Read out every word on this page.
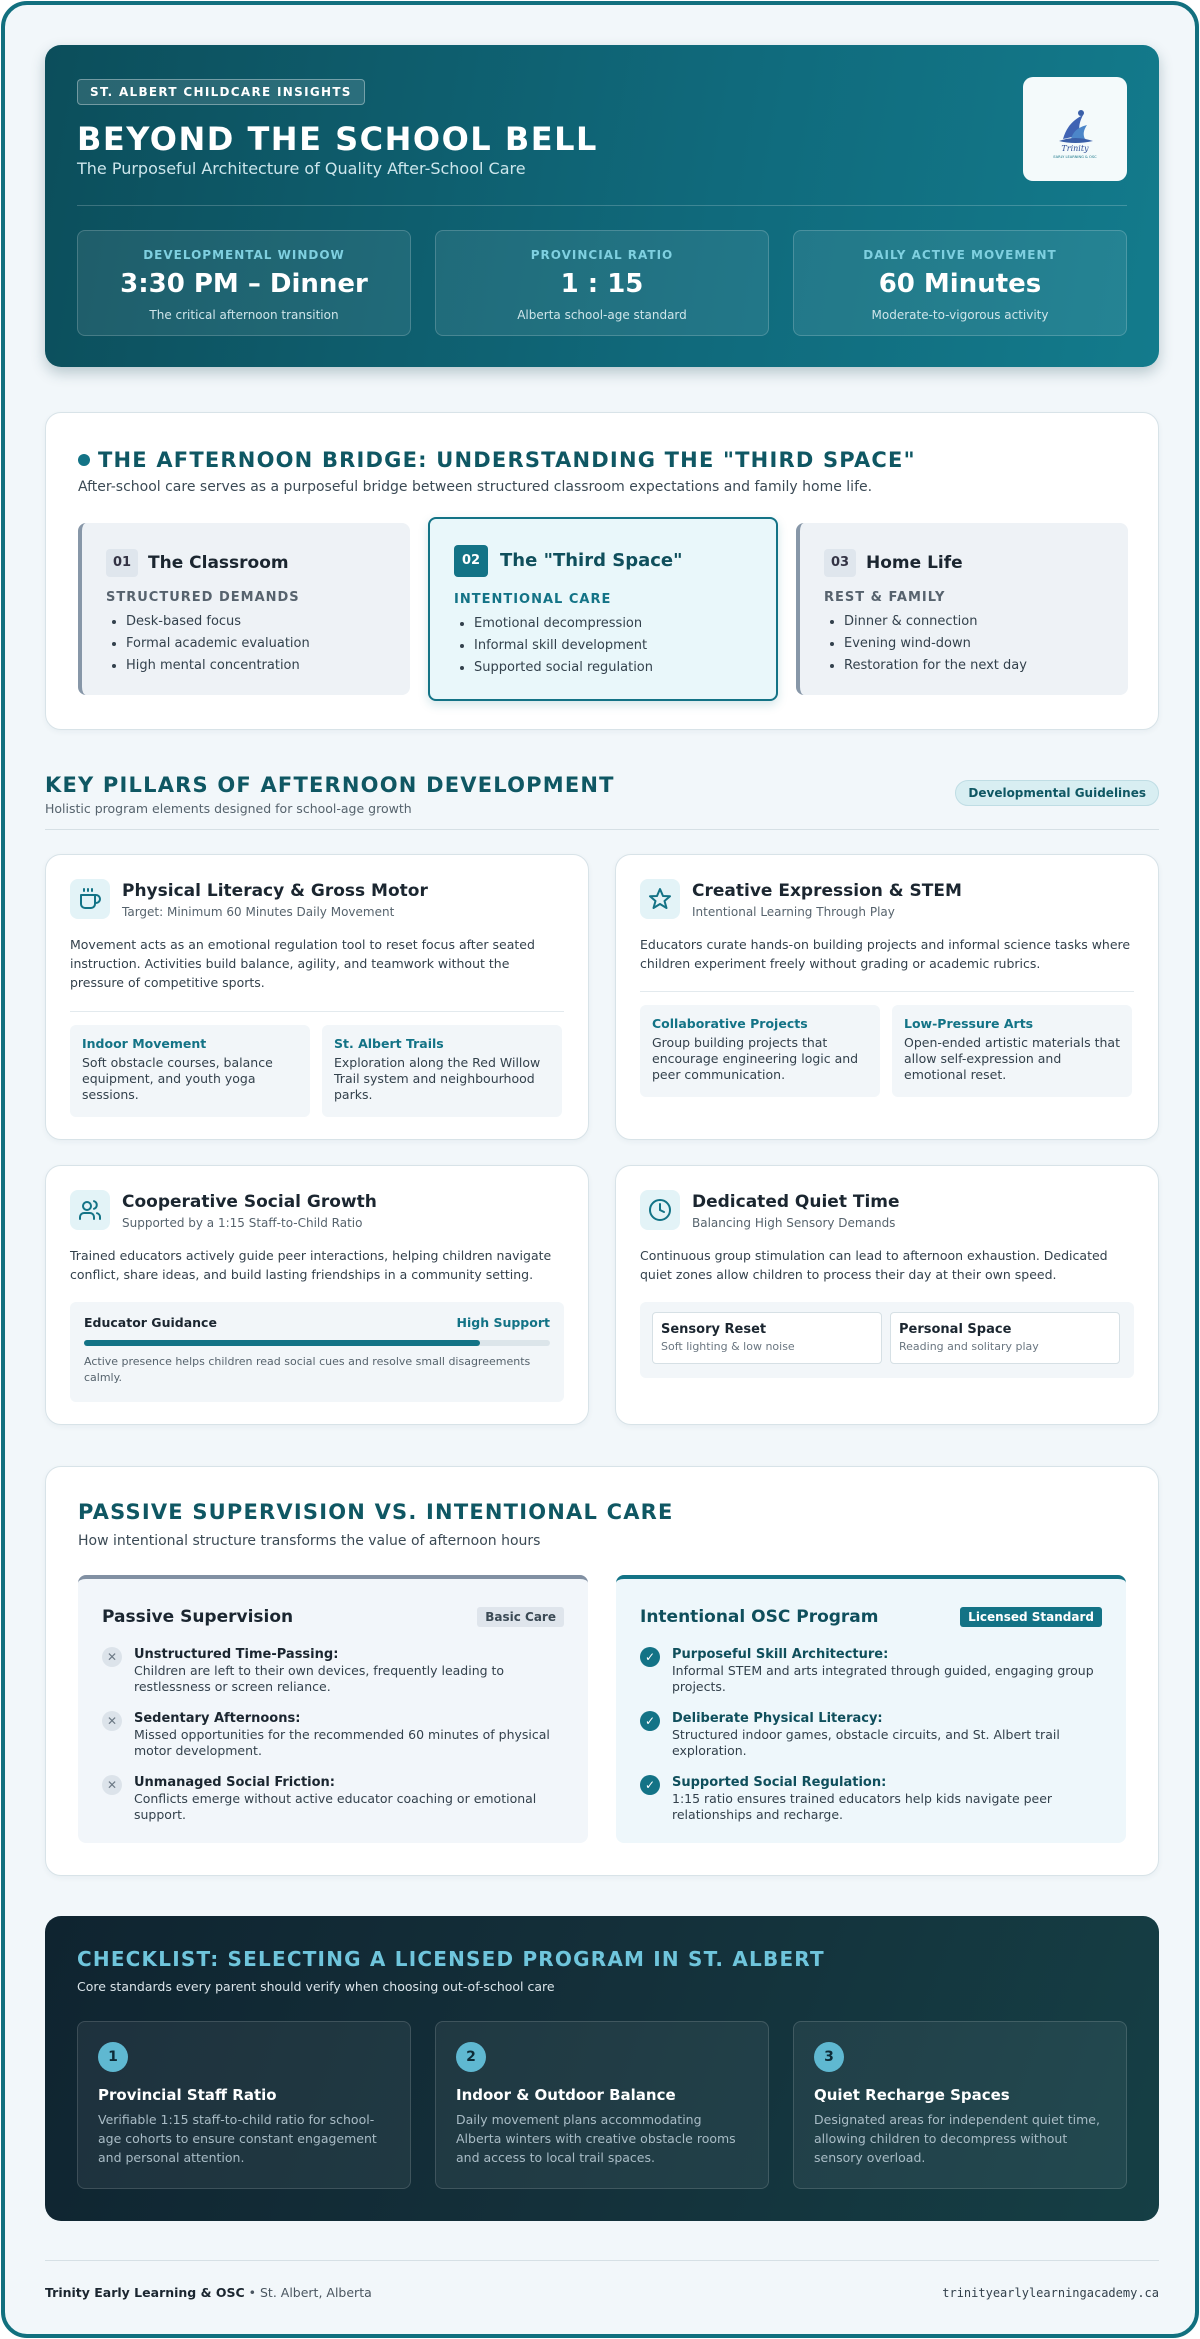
ST. ALBERT CHILDCARE INSIGHTS
BEYOND THE SCHOOL BELL
The Purposeful Architecture of Quality After-School Care
Trinity
EARLY LEARNING & OSC
DEVELOPMENTAL WINDOW
3:30 PM – Dinner
The critical afternoon transition
PROVINCIAL RATIO
1 : 15
Alberta school-age standard
DAILY ACTIVE MOVEMENT
60 Minutes
Moderate-to-vigorous activity
THE AFTERNOON BRIDGE: UNDERSTANDING THE "THIRD SPACE"
After-school care serves as a purposeful bridge between structured classroom expectations and family home life.
01 The Classroom
STRUCTURED DEMANDS
• Desk-based focus
• Formal academic evaluation
• High mental concentration
02	The "Third Space"
INTENTIONAL CARE
• Emotional decompression
• Informal skill development
• Supported social regulation
03 Home Life
REST & FAMILY
• Dinner & connection
• Evening wind-down
• Restoration for the next day
KEY PILLARS OF AFTERNOON DEVELOPMENT
Holistic program elements designed for school-age growth
Developmental Guidelines
Physical Literacy & Gross Motor
Target: Minimum 60 Minutes Daily Movement
Movement acts as an emotional regulation tool to reset focus after seated instruction. Activities build balance, agility, and teamwork without the pressure of competitive sports.
Indoor Movement
Soft obstacle courses, balance equipment, and youth yoga sessions.
St. Albert Trails
Exploration along the Red Willow Trail system and neighbourhood parks.
Creative Expression & STEM
Intentional Learning Through Play
Educators curate hands-on building projects and informal science tasks where children experiment freely without grading or academic rubrics.
Collaborative Projects
Group building projects that encourage engineering logic and peer communication.
Low-Pressure Arts
Open-ended artistic materials that allow self-expression and emotional reset.
Cooperative Social Growth
Supported by a 1:15 Staff-to-Child Ratio
Trained educators actively guide peer interactions, helping children navigate conflict, share ideas, and build lasting friendships in a community setting.
Educator Guidance	High Support
Active presence helps children read social cues and resolve small disagreements calmly.
Dedicated Quiet Time
Balancing High Sensory Demands
Continuous group stimulation can lead to afternoon exhaustion. Dedicated quiet zones allow children to process their day at their own speed.
Sensory Reset
Soft lighting & low noise
Personal Space
Reading and solitary play
PASSIVE SUPERVISION VS. INTENTIONAL CARE
How intentional structure transforms the value of afternoon hours
Passive Supervision	Basic Care
✕	Unstructured Time-Passing:
Children are left to their own devices, frequently leading to restlessness or screen reliance.
✕	Sedentary Afternoons:
Missed opportunities for the recommended 60 minutes of physical motor development.
✕	Unmanaged Social Friction:
Conflicts emerge without active educator coaching or emotional support.
Intentional OSC Program	Licensed Standard
✓	Purposeful Skill Architecture:
Informal STEM and arts integrated through guided, engaging group projects.
✓	Deliberate Physical Literacy:
Structured indoor games, obstacle circuits, and St. Albert trail exploration.
✓	Supported Social Regulation:
1:15 ratio ensures trained educators help kids navigate peer relationships and recharge.
CHECKLIST: SELECTING A LICENSED PROGRAM IN ST. ALBERT
Core standards every parent should verify when choosing out-of-school care
1
Provincial Staff Ratio
Verifiable 1:15 staff-to-child ratio for school-age cohorts to ensure constant engagement and personal attention.
2
Indoor & Outdoor Balance
Daily movement plans accommodating Alberta winters with creative obstacle rooms and access to local trail spaces.
3
Quiet Recharge Spaces
Designated areas for independent quiet time, allowing children to decompress without sensory overload.
Trinity Early Learning & OSC • St. Albert, Alberta	trinityearlylearningacademy.ca
